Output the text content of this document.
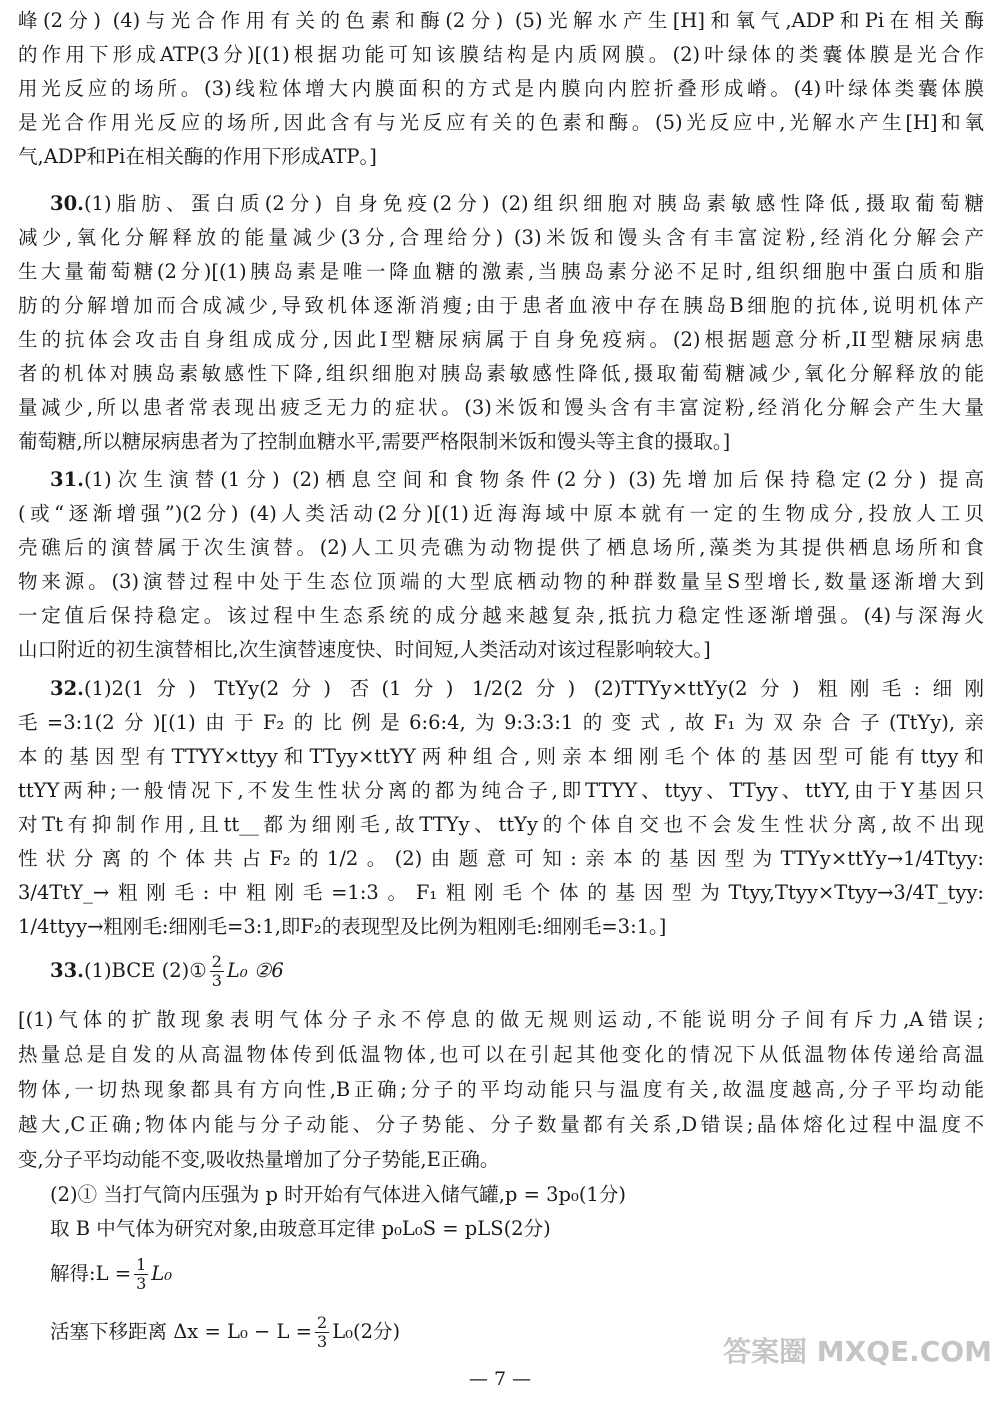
峰(2分) (4)与光合作用有关的色素和酶(2分) (5)光解水产生[H]和氧气,ADP和Pi在相关酶
的作用下形成ATP(3分)[(1)根据功能可知该膜结构是内质网膜。(2)叶绿体的类囊体膜是光合作
用光反应的场所。(3)线粒体增大内膜面积的方式是内膜向内腔折叠形成嵴。(4)叶绿体类囊体膜
是光合作用光反应的场所,因此含有与光反应有关的色素和酶。(5)光反应中,光解水产生[H]和氧
气,ADP和Pi在相关酶的作用下形成ATP。]
30.(1)脂肪、蛋白质(2分) 自身免疫(2分) (2)组织细胞对胰岛素敏感性降低,摄取葡萄糖
减少,氧化分解释放的能量减少(3分,合理给分) (3)米饭和馒头含有丰富淀粉,经消化分解会产
生大量葡萄糖(2分)[(1)胰岛素是唯一降血糖的激素,当胰岛素分泌不足时,组织细胞中蛋白质和脂
肪的分解增加而合成减少,导致机体逐渐消瘦;由于患者血液中存在胰岛B细胞的抗体,说明机体产
生的抗体会攻击自身组成成分,因此I型糖尿病属于自身免疫病。(2)根据题意分析,II型糖尿病患
者的机体对胰岛素敏感性下降,组织细胞对胰岛素敏感性降低,摄取葡萄糖减少,氧化分解释放的能
量减少,所以患者常表现出疲乏无力的症状。(3)米饭和馒头含有丰富淀粉,经消化分解会产生大量
葡萄糖,所以糖尿病患者为了控制血糖水平,需要严格限制米饭和馒头等主食的摄取。]
31.(1)次生演替(1分) (2)栖息空间和食物条件(2分) (3)先增加后保持稳定(2分) 提高
(或“逐渐增强”)(2分) (4)人类活动(2分)[(1)近海海域中原本就有一定的生物成分,投放人工贝
壳礁后的演替属于次生演替。(2)人工贝壳礁为动物提供了栖息场所,藻类为其提供栖息场所和食
物来源。(3)演替过程中处于生态位顶端的大型底栖动物的种群数量呈S型增长,数量逐渐增大到
一定值后保持稳定。该过程中生态系统的成分越来越复杂,抵抗力稳定性逐渐增强。(4)与深海火
山口附近的初生演替相比,次生演替速度快、时间短,人类活动对该过程影响较大。]
32.(1)2(1分) TtYy(2分) 否(1分) 1/2(2分) (2)TTYy×ttYy(2分) 粗刚毛:细刚
毛=3:1(2分)[(1)由于F₂的比例是6:6:4,为9:3:3:1的变式,故F₁为双杂合子(TtYy),亲
本的基因型有TTYY×ttyy和TTyy×ttYY两种组合,则亲本细刚毛个体的基因型可能有ttyy和
ttYY两种;一般情况下,不发生性状分离的都为纯合子,即TTYY、ttyy、TTyy、ttYY,由于Y基因只
对Tt有抑制作用,且tt__都为细刚毛,故TTYy、ttYy的个体自交也不会发生性状分离,故不出现
性状分离的个体共占F₂的1/2。(2)由题意可知:亲本的基因型为TTYy×ttYy→1/4Ttyy:
3/4TtY_→粗刚毛:中粗刚毛=1:3。F₁粗刚毛个体的基因型为Ttyy,Ttyy×Ttyy→3/4T_tyy:
1/4ttyy→粗刚毛:细刚毛=3:1,即F₂的表现型及比例为粗刚毛:细刚毛=3:1。]
33.(1)BCE (2)① $\frac{2}{3} L_0$ ②6
[(1)气体的扩散现象表明气体分子永不停息的做无规则运动,不能说明分子间有斥力,A错误;
热量总是自发的从高温物体传到低温物体,也可以在引起其他变化的情况下从低温物体传递给高温
物体,一切热现象都具有方向性,B正确;分子的平均动能只与温度有关,故温度越高,分子平均动能
越大,C正确;物体内能与分子动能、分子势能、分子数量都有关系,D错误;晶体熔化过程中温度不
变,分子平均动能不变,吸收热量增加了分子势能,E正确。
(2)① 当打气筒内压强为 p 时开始有气体进入储气罐,p = 3p₀(1分)
取 B 中气体为研究对象,由玻意耳定律 p₀L₀S = pLS(2分)
解得:L = $\frac{1}{3} L_0$
活塞下移距离 $\Delta x = L_0 - L = \frac{2}{3} L_0(2$分)
— 7 —
答案圈 MXQE.COM
